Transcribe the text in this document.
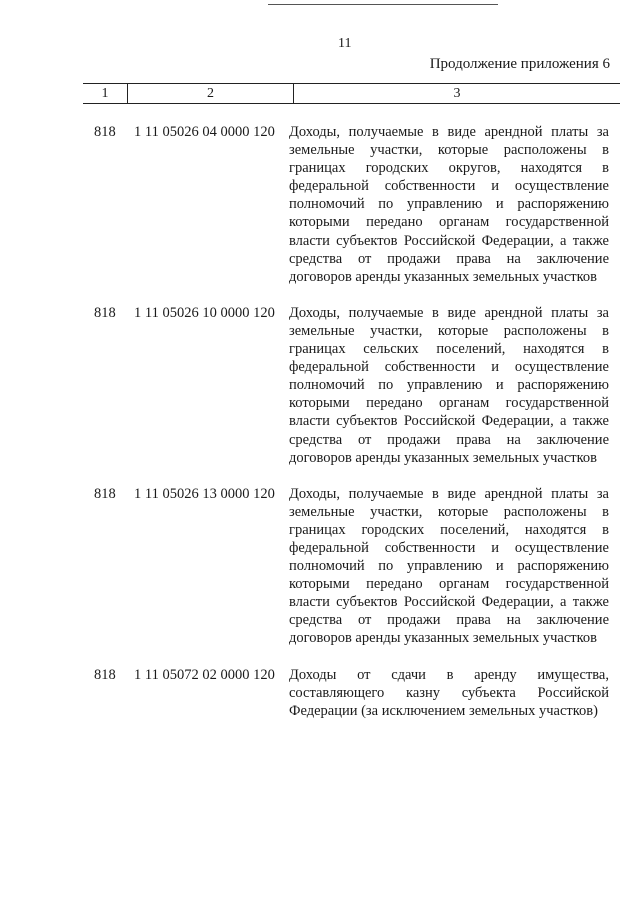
11
Продолжение приложения 6
1	2	3
818	1 11 05026 04 0000 120 Доходы, получаемые в виде арендной платы за земельные участки, которые расположены в границах городских округов, находятся в федеральной собственности и осуществление полномочий по управлению и распоряжению которыми передано органам государственной власти субъектов Российской Федерации, а также средства от продажи права на заключение договоров аренды указанных земельных участков
818	1 11 05026 10 0000 120 Доходы, получаемые в виде арендной платы за земельные участки, которые расположены в границах сельских поселений, находятся в федеральной собственности и осуществление полномочий по управлению и распоряжению которыми передано органам государственной власти субъектов Российской Федерации, а также средства от продажи права на заключение договоров аренды указанных земельных участков
818	1 11 05026 13 0000 120 Доходы, получаемые в виде арендной платы за земельные участки, которые расположены в границах городских поселений, находятся в федеральной собственности и осуществление полномочий по управлению и распоряжению которыми передано органам государственной власти субъектов Российской Федерации, а также средства от продажи права на заключение договоров аренды указанных земельных участков
818	1 11 05072 02 0000 120 Доходы от сдачи в аренду имущества, составляющего казну субъекта Российской Федерации (за исключением земельных участков)
